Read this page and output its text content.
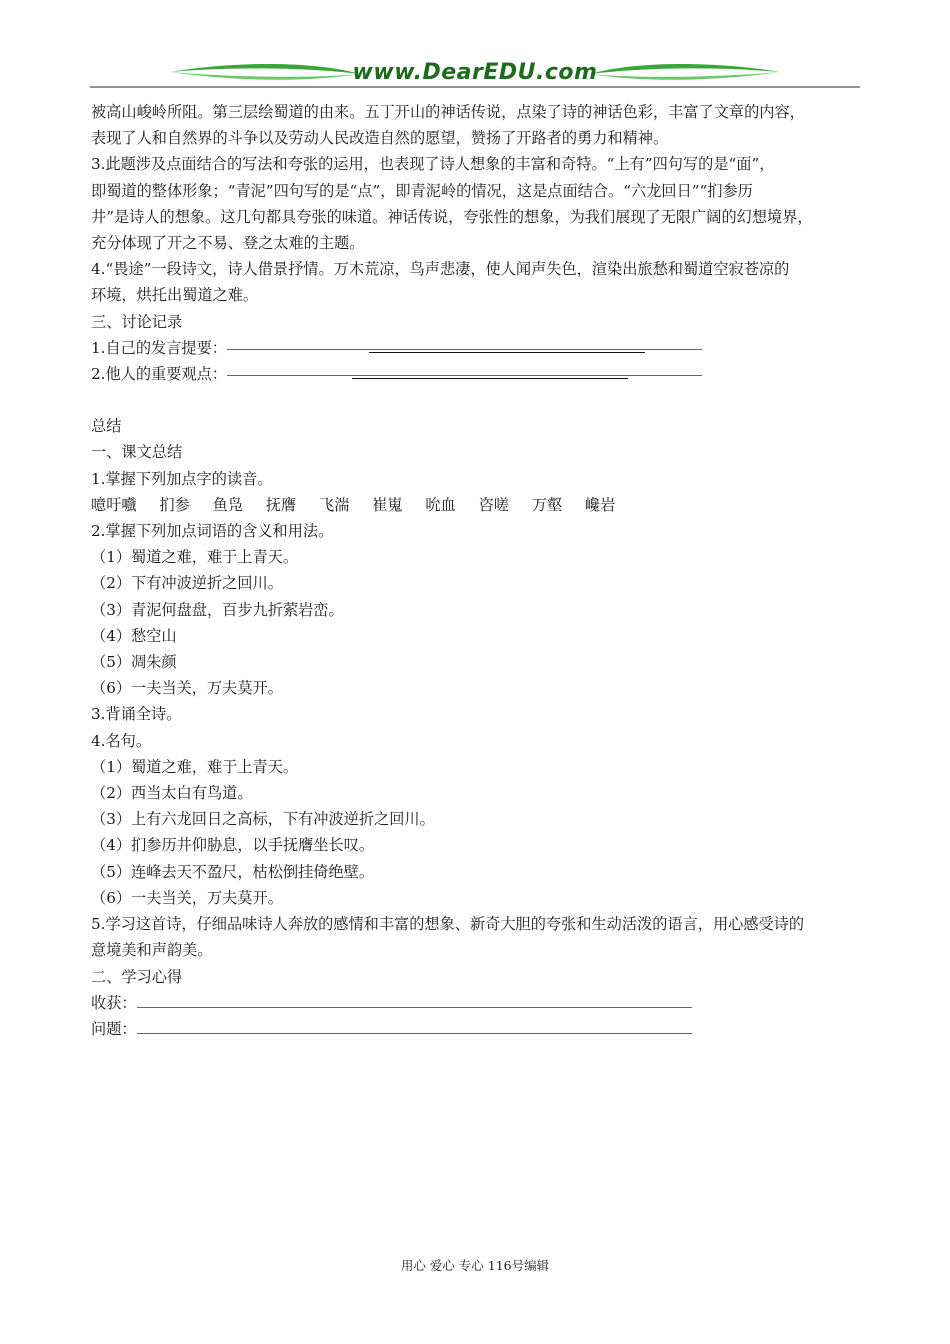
www.DearEDU.com

被高山峻岭所阻。第三层绘蜀道的由来。五丁开山的神话传说，点染了诗的神话色彩，丰富了文章的内容，

表现了人和自然界的斗争以及劳动人民改造自然的愿望，赞扬了开路者的勇力和精神。

3.此题涉及点面结合的写法和夸张的运用，也表现了诗人想象的丰富和奇特。“上有”四句写的是“面”，

即蜀道的整体形象；“青泥”四句写的是“点”，即青泥岭的情况，这是点面结合。“六龙回日”“扪参历

井”是诗人的想象。这几句都具夸张的味道。神话传说，夸张性的想象，为我们展现了无限广阔的幻想境界，

充分体现了开之不易、登之太难的主题。

4.“畏途”一段诗文，诗人借景抒情。万木荒凉，鸟声悲凄，使人闻声失色，渲染出旅愁和蜀道空寂苍凉的

环境，烘托出蜀道之难。

三、讨论记录

1.自己的发言提要：

2.他人的重要观点：

总结

一、课文总结

1.掌握下列加点字的读音。

噫吁嚱 扪参 鱼凫 抚膺 飞湍 崔嵬 吮血 咨嗟 万壑 巉岩

2.掌握下列加点词语的含义和用法。

（1）蜀道之难，难于上青天。

（2）下有冲波逆折之回川。

（3）青泥何盘盘，百步九折萦岩峦。

（4）愁空山

（5）凋朱颜

（6）一夫当关，万夫莫开。

3.背诵全诗。

4.名句。

（1）蜀道之难，难于上青天。

（2）西当太白有鸟道。

（3）上有六龙回日之高标，下有冲波逆折之回川。

（4）扪参历井仰胁息，以手抚膺坐长叹。

（5）连峰去天不盈尺，枯松倒挂倚绝壁。

（6）一夫当关，万夫莫开。

5.学习这首诗，仔细品味诗人奔放的感情和丰富的想象、新奇大胆的夸张和生动活泼的语言，用心感受诗的

意境美和声韵美。

二、学习心得

收获：

问题：

用心 爱心 专心 116号编辑
